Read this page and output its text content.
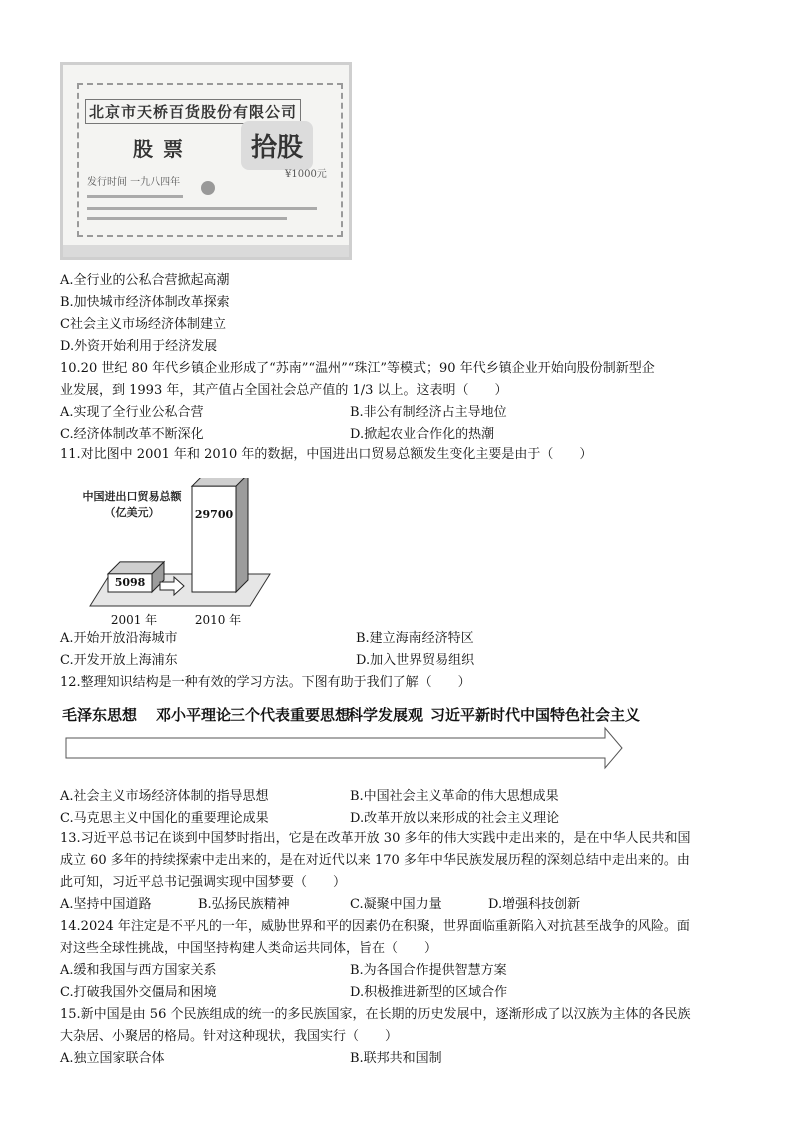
北京市天桥百货股份有限公司
股票	拾股
发行时间 一九八四年
¥1000元
A.全行业的公私合营掀起高潮
B.加快城市经济体制改革探索
C社会主义市场经济体制建立
D.外资开始利用于经济发展
10.20 世纪 80 年代乡镇企业形成了“苏南”“温州”“珠江”等模式；90 年代乡镇企业开始向股份制新型企
业发展，到 1993 年，其产值占全国社会总产值的 1/3 以上。这表明（　　）
A.实现了全行业公私合营	B.非公有制经济占主导地位
C.经济体制改革不断深化	D.掀起农业合作化的热潮
11.对比图中 2001 年和 2010 年的数据，中国进出口贸易总额发生变化主要是由于（　　）
中国进出口贸易总额
（亿美元）
5098
2001 年
29700
2010 年
A.开始开放沿海城市	B.建立海南经济特区
C.开发开放上海浦东	D.加入世界贸易组织
12.整理知识结构是一种有效的学习方法。下图有助于我们了解（　　）
毛泽东思想 邓小平理论
三个代表重要思想
科学发展观 习近平新时代中国特色社会主义
A.社会主义市场经济体制的指导思想	B.中国社会主义革命的伟大思想成果
C.马克思主义中国化的重要理论成果	D.改革开放以来形成的社会主义理论
13.习近平总书记在谈到中国梦时指出，它是在改革开放 30 多年的伟大实践中走出来的，是在中华人民共和国
成立 60 多年的持续探索中走出来的，是在对近代以来 170 多年中华民族发展历程的深刻总结中走出来的。由
此可知，习近平总书记强调实现中国梦要（　　）
A.坚持中国道路	B.弘扬民族精神	C.凝聚中国力量	D.增强科技创新
14.2024 年注定是不平凡的一年，威胁世界和平的因素仍在积聚，世界面临重新陷入对抗甚至战争的风险。面
对这些全球性挑战，中国坚持构建人类命运共同体，旨在（　　）
A.缓和我国与西方国家关系	B.为各国合作提供智慧方案
C.打破我国外交僵局和困境	D.积极推进新型的区域合作
15.新中国是由 56 个民族组成的统一的多民族国家，在长期的历史发展中，逐渐形成了以汉族为主体的各民族
大杂居、小聚居的格局。针对这种现状，我国实行（　　）
A.独立国家联合体	B.联邦共和国制
